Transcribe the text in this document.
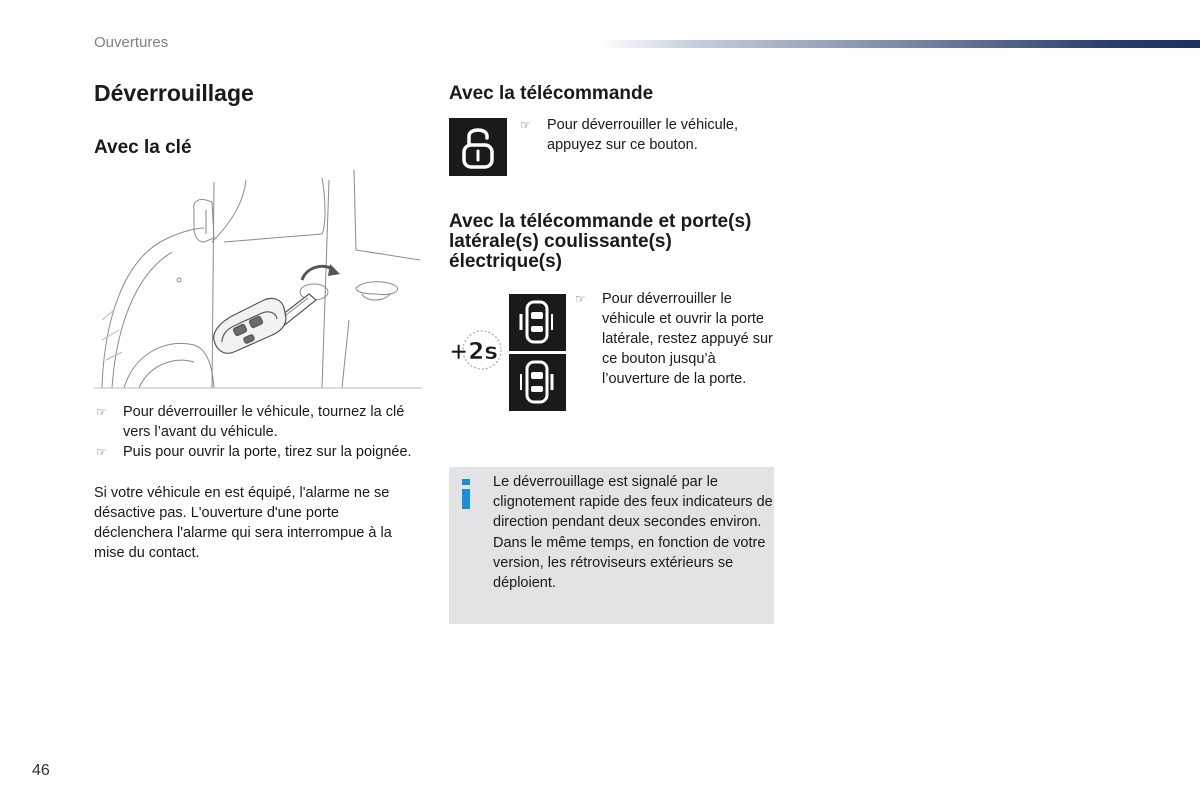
Ouvertures
Déverrouillage
Avec la clé
☞ Pour déverrouiller le véhicule, tournez la clé vers l’avant du véhicule.
☞ Puis pour ouvrir la porte, tirez sur la poignée.

Si votre véhicule en est équipé, l'alarme ne se désactive pas. L'ouverture d'une porte déclenchera l'alarme qui sera interrompue à la mise du contact.

Avec la télécommande
☞ Pour déverrouiller le véhicule, appuyez sur ce bouton.
Avec la télécommande et porte(s) latérale(s) coulissante(s) électrique(s)
+2s
☞ Pour déverrouiller le véhicule et ouvrir la porte latérale, restez appuyé sur ce bouton jusqu’à l’ouverture de la porte.

Le déverrouillage est signalé par le clignotement rapide des feux indicateurs de direction pendant deux secondes environ.

Dans le même temps, en fonction de votre version, les rétroviseurs extérieurs se déploient.

46
